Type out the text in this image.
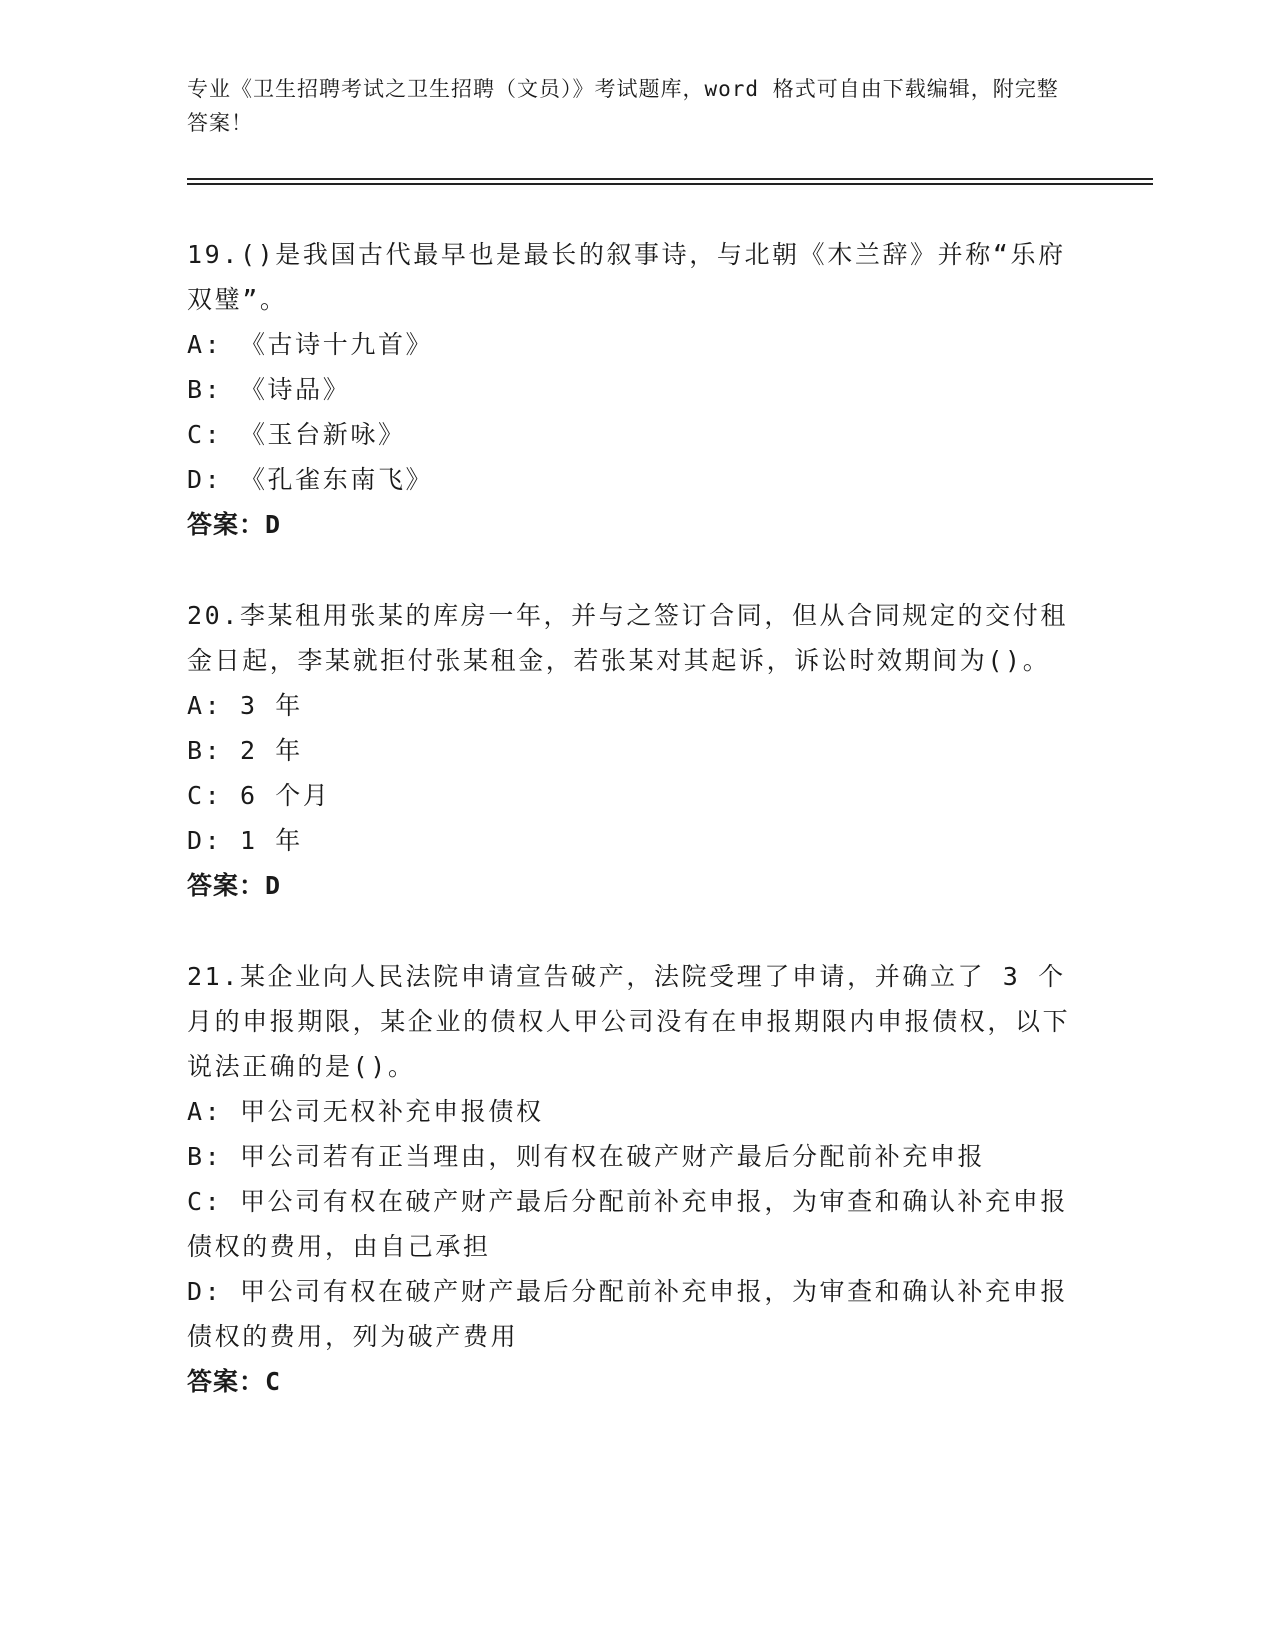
专业《卫生招聘考试之卫生招聘（文员）》考试题库，word 格式可自由下载编辑，附完整答案！

19.()是我国古代最早也是最长的叙事诗，与北朝《木兰辞》并称“乐府双璧”。

A: 《古诗十九首》

B: 《诗品》

C: 《玉台新咏》

D: 《孔雀东南飞》

答案：D

20.李某租用张某的库房一年，并与之签订合同，但从合同规定的交付租金日起，李某就拒付张某租金，若张某对其起诉，诉讼时效期间为()。

A: 3 年

B: 2 年

C: 6 个月

D: 1 年

答案：D

21.某企业向人民法院申请宣告破产，法院受理了申请，并确立了 3 个月的申报期限，某企业的债权人甲公司没有在申报期限内申报债权，以下说法正确的是()。

A: 甲公司无权补充申报债权

B: 甲公司若有正当理由，则有权在破产财产最后分配前补充申报

C: 甲公司有权在破产财产最后分配前补充申报，为审查和确认补充申报债权的费用，由自己承担

D: 甲公司有权在破产财产最后分配前补充申报，为审查和确认补充申报债权的费用，列为破产费用

答案：C
